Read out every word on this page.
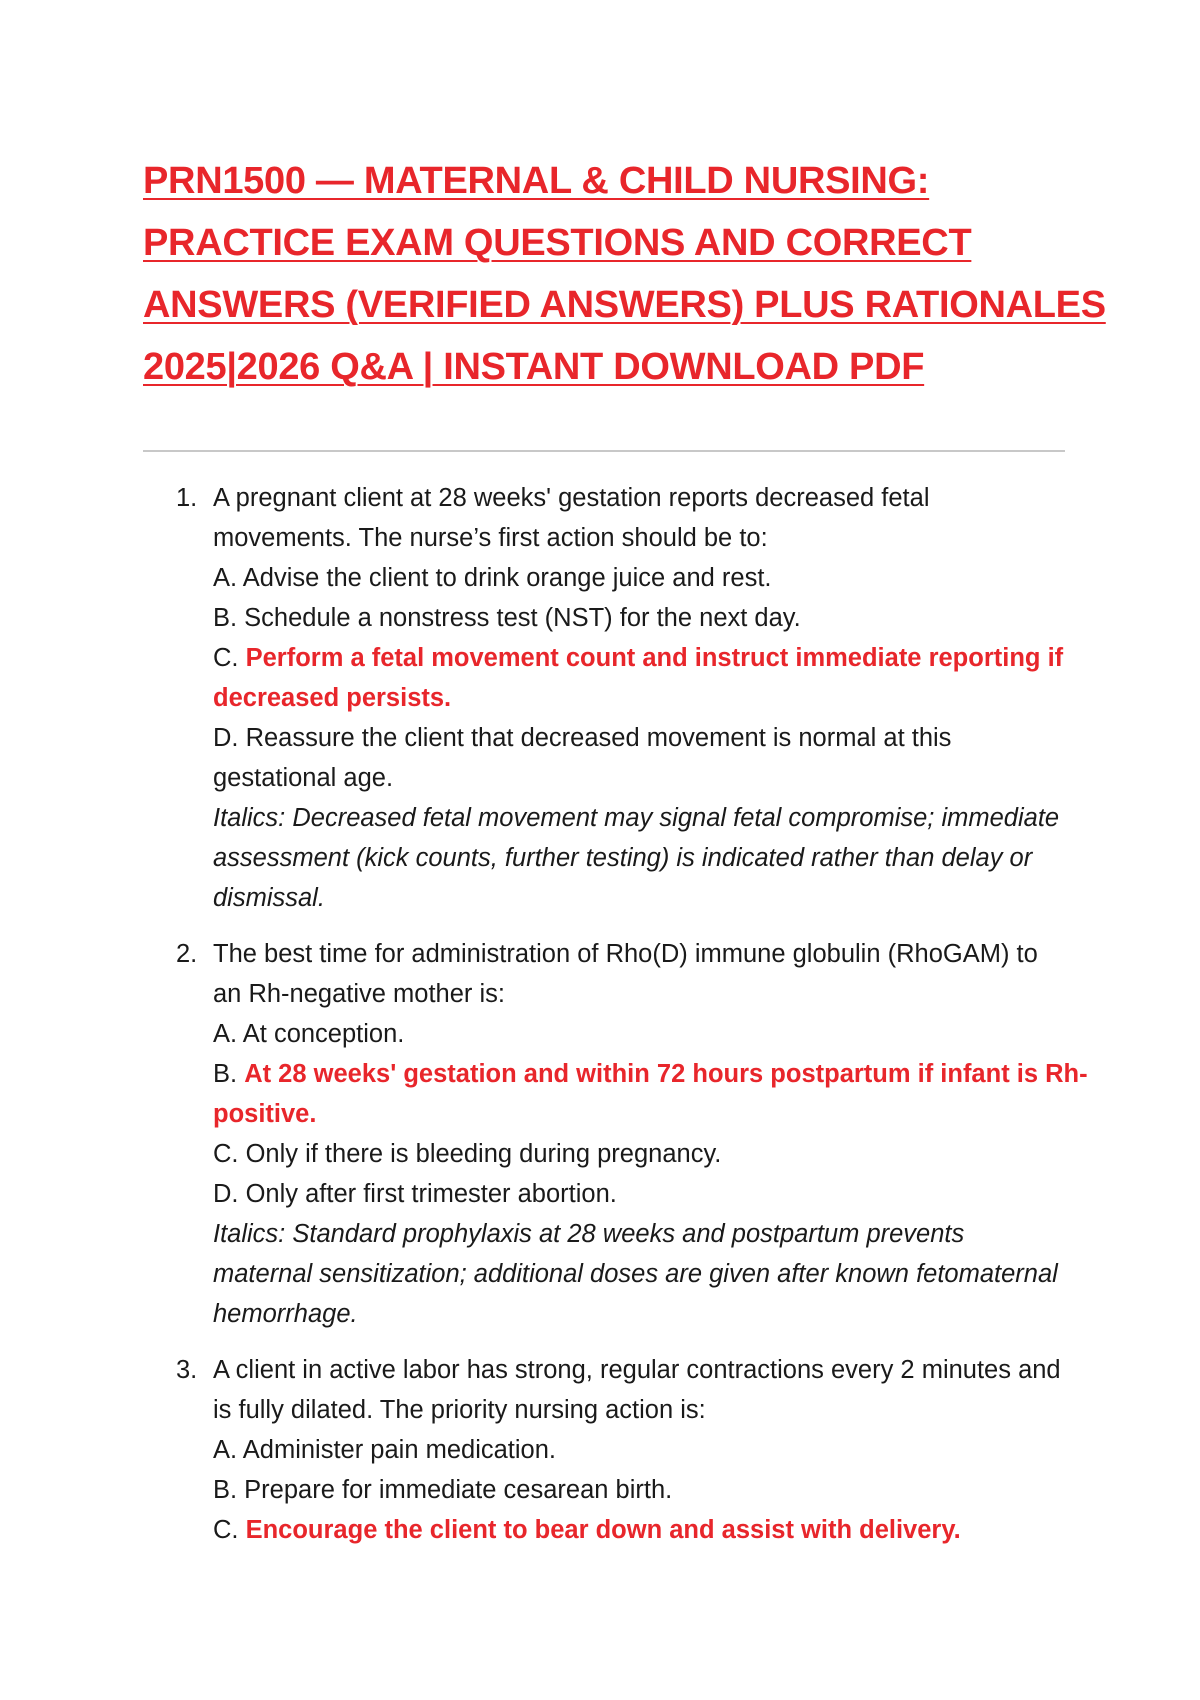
PRN1500 — MATERNAL & CHILD NURSING:
PRACTICE EXAM QUESTIONS AND CORRECT
ANSWERS (VERIFIED ANSWERS) PLUS RATIONALES
2025|2026 Q&A | INSTANT DOWNLOAD PDF
1. A pregnant client at 28 weeks' gestation reports decreased fetal
movements. The nurse’s first action should be to:
A. Advise the client to drink orange juice and rest.
B. Schedule a nonstress test (NST) for the next day.
C. Perform a fetal movement count and instruct immediate reporting if
decreased persists.
D. Reassure the client that decreased movement is normal at this
gestational age.
Italics: Decreased fetal movement may signal fetal compromise; immediate
assessment (kick counts, further testing) is indicated rather than delay or
dismissal.
2. The best time for administration of Rho(D) immune globulin (RhoGAM) to
an Rh-negative mother is:
A. At conception.
B. At 28 weeks' gestation and within 72 hours postpartum if infant is Rh-
positive.
C. Only if there is bleeding during pregnancy.
D. Only after first trimester abortion.
Italics: Standard prophylaxis at 28 weeks and postpartum prevents
maternal sensitization; additional doses are given after known fetomaternal
hemorrhage.
3. A client in active labor has strong, regular contractions every 2 minutes and
is fully dilated. The priority nursing action is:
A. Administer pain medication.
B. Prepare for immediate cesarean birth.
C. Encourage the client to bear down and assist with delivery.
